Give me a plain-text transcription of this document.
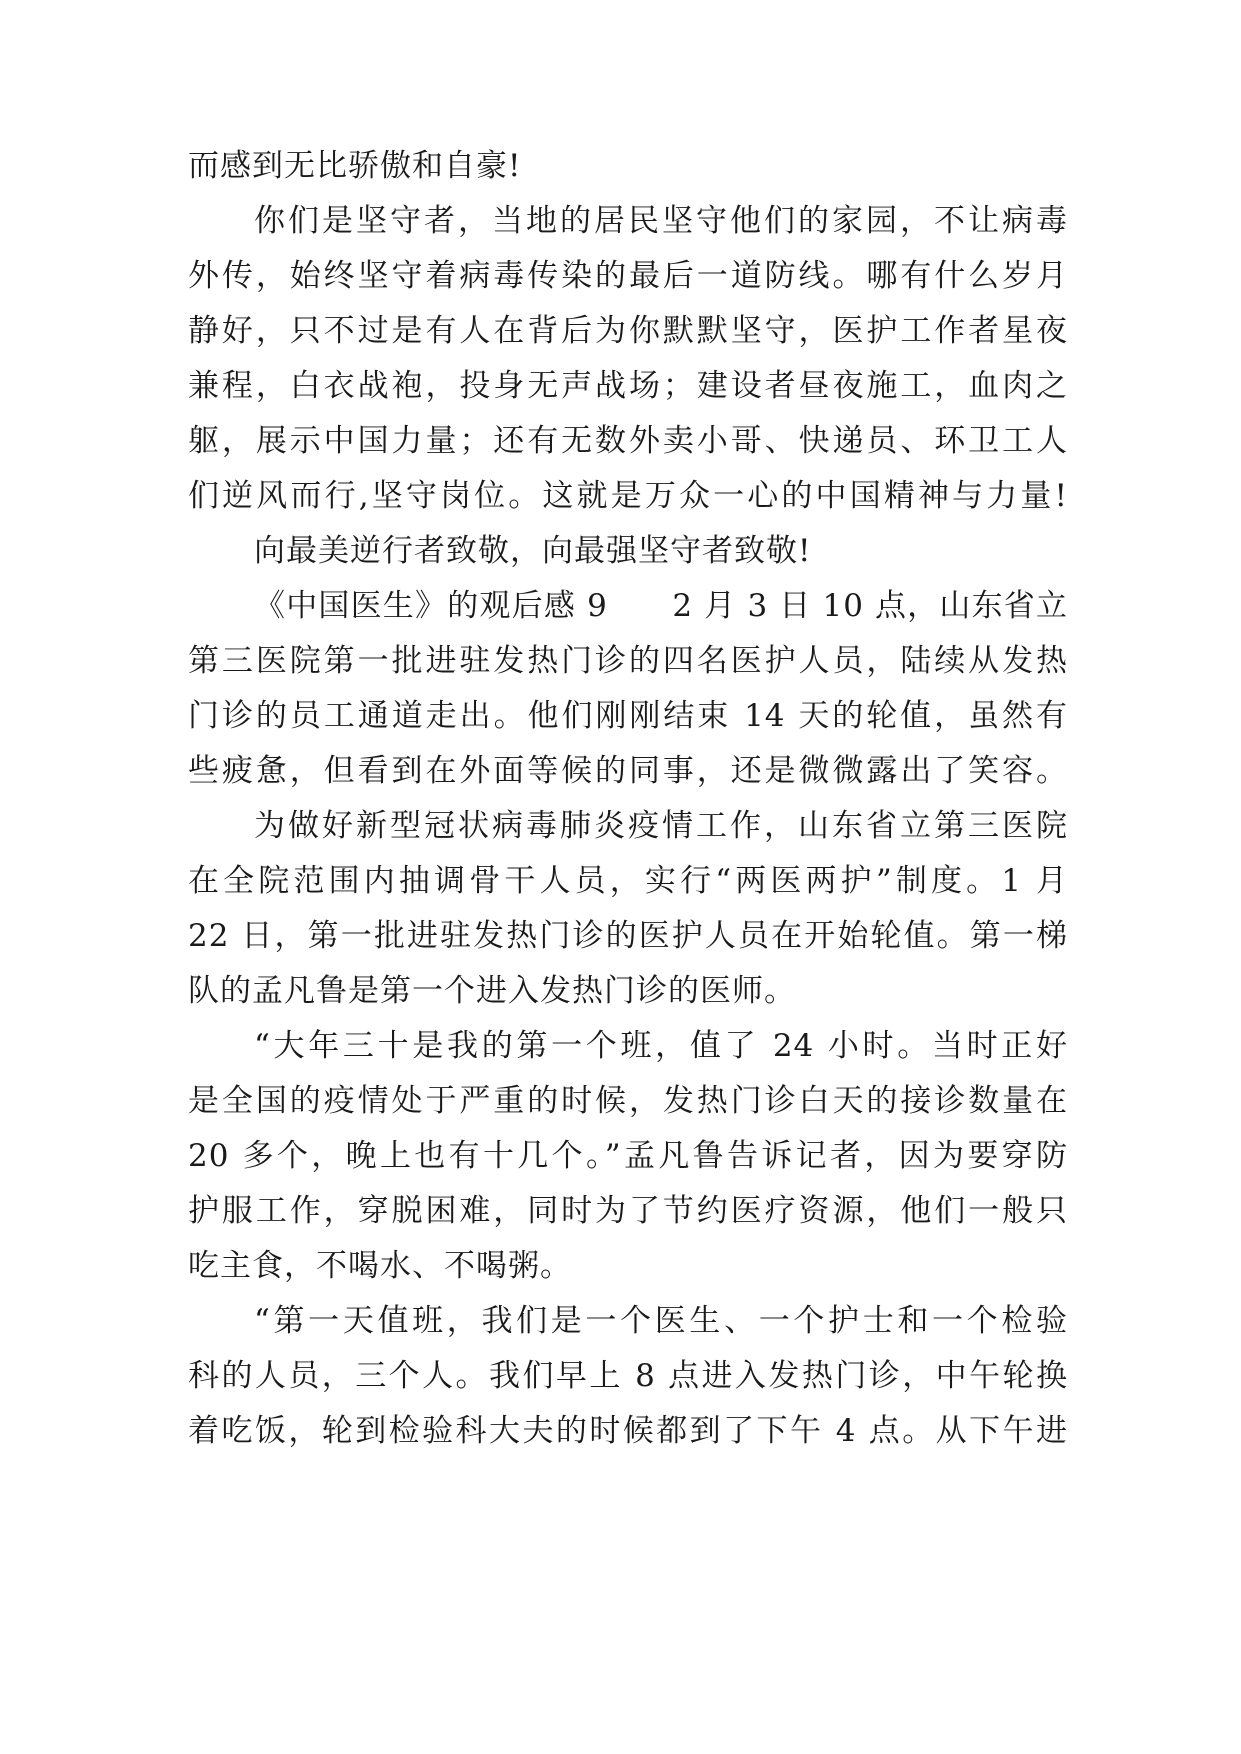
而感到无比骄傲和自豪!
你们是坚守者，当地的居民坚守他们的家园，不让病毒
外传，始终坚守着病毒传染的最后一道防线。哪有什么岁月
静好，只不过是有人在背后为你默默坚守，医护工作者星夜
兼程，白衣战袍，投身无声战场；建设者昼夜施工，血肉之
躯，展示中国力量；还有无数外卖小哥、快递员、环卫工人
们逆风而行,坚守岗位。这就是万众一心的中国精神与力量!
向最美逆行者致敬，向最强坚守者致敬!
《中国医生》的观后感 9　　2 月 3 日 10 点，山东省立
第三医院第一批进驻发热门诊的四名医护人员，陆续从发热
门诊的员工通道走出。他们刚刚结束 14 天的轮值，虽然有
些疲惫，但看到在外面等候的同事，还是微微露出了笑容。
为做好新型冠状病毒肺炎疫情工作，山东省立第三医院
在全院范围内抽调骨干人员，实行“两医两护”制度。1 月
22 日，第一批进驻发热门诊的医护人员在开始轮值。第一梯
队的孟凡鲁是第一个进入发热门诊的医师。
“大年三十是我的第一个班，值了 24 小时。当时正好
是全国的疫情处于严重的时候，发热门诊白天的接诊数量在
20 多个，晚上也有十几个。”孟凡鲁告诉记者，因为要穿防
护服工作，穿脱困难，同时为了节约医疗资源，他们一般只
吃主食，不喝水、不喝粥。
“第一天值班，我们是一个医生、一个护士和一个检验
科的人员，三个人。我们早上 8 点进入发热门诊，中午轮换
着吃饭，轮到检验科大夫的时候都到了下午 4 点。从下午进
